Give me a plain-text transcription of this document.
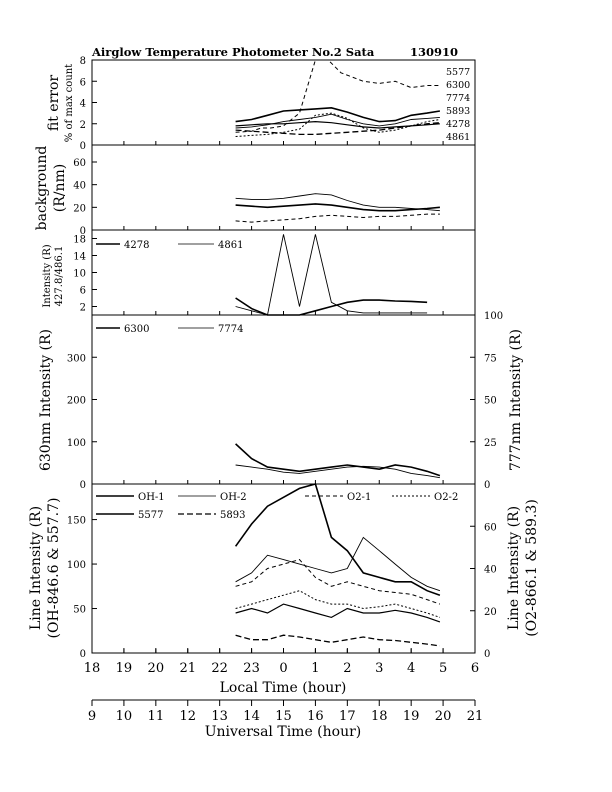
Airglow Temperature Photometer No.2 Sata	130910
fit error % of max count
background (R/nm)
Intensity (R) 427.8/486.1
630nm Intensity (R)	777nm Intensity (R)
Line Intensity (R) (OH-846.6 & 557.7)	Line Intensity (R) (O2-866.1 & 589.3)
Local Time (hour)
Universal Time (hour)
18 19 20 21 22 23 0 1 2 3 4 5 6
9 10 11 12 13 14 15 16 17 18 19 20 21
0
2
4
6
8
0
20
40
60
2
6
10
14
18
0
100
200
300
0
25
50
75
100
0
50
100
150
0
20
40
60
5577
6300
7774
5893
4278
4861
4278	4861
6300	7774
OH-1	OH-2	O2-1	O2-2
5577	5893
